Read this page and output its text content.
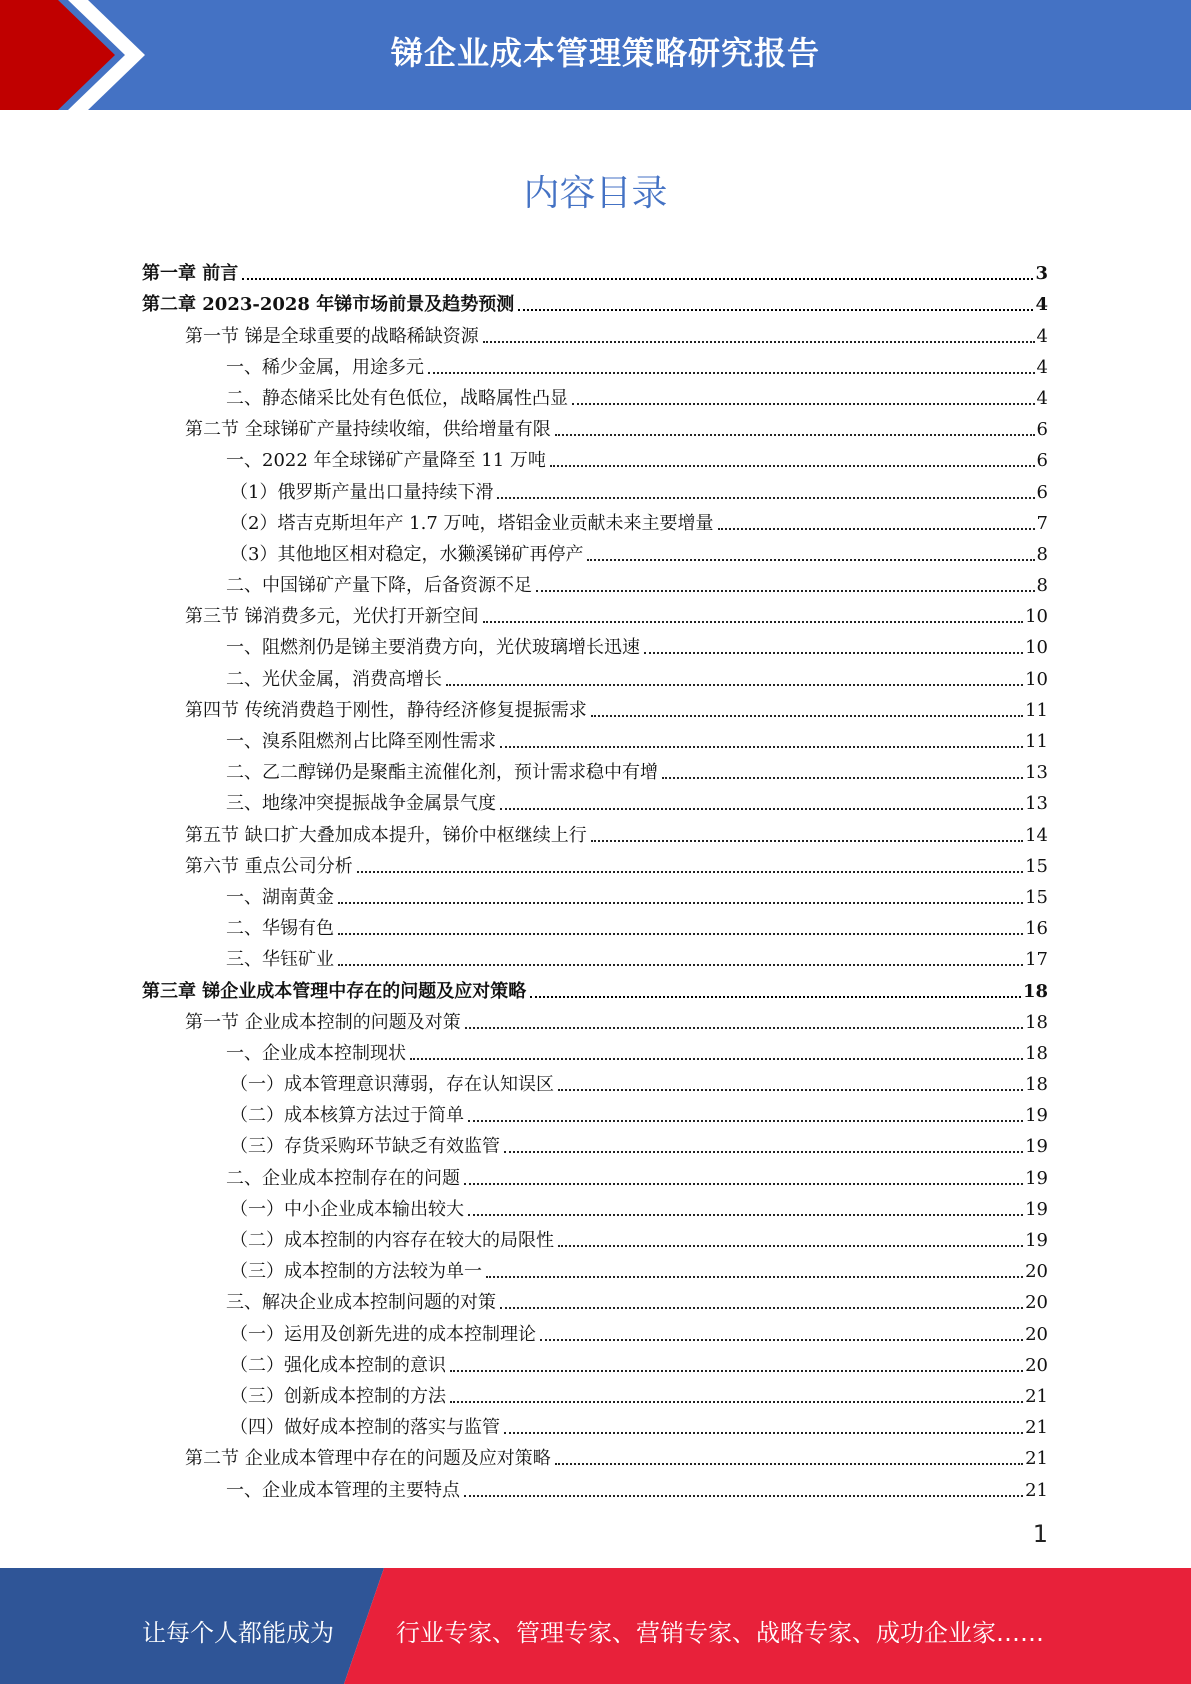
锑企业成本管理策略研究报告
内容目录
第一章 前言	3
第二章 2023-2028 年锑市场前景及趋势预测	4
第一节 锑是全球重要的战略稀缺资源	4
一、稀少金属，用途多元	4
二、静态储采比处有色低位，战略属性凸显	4
第二节 全球锑矿产量持续收缩，供给增量有限	6
一、2022 年全球锑矿产量降至 11 万吨	6
（1）俄罗斯产量出口量持续下滑	6
（2）塔吉克斯坦年产 1.7 万吨，塔铝金业贡献未来主要增量	7
（3）其他地区相对稳定，水獭溪锑矿再停产	8
二、中国锑矿产量下降，后备资源不足	8
第三节 锑消费多元，光伏打开新空间	10
一、阻燃剂仍是锑主要消费方向，光伏玻璃增长迅速	10
二、光伏金属，消费高增长	10
第四节 传统消费趋于刚性，静待经济修复提振需求	11
一、溴系阻燃剂占比降至刚性需求	11
二、乙二醇锑仍是聚酯主流催化剂，预计需求稳中有增	13
三、地缘冲突提振战争金属景气度	13
第五节 缺口扩大叠加成本提升，锑价中枢继续上行	14
第六节 重点公司分析	15
一、湖南黄金	15
二、华锡有色	16
三、华钰矿业	17
第三章 锑企业成本管理中存在的问题及应对策略	18
第一节 企业成本控制的问题及对策	18
一、企业成本控制现状	18
（一）成本管理意识薄弱，存在认知误区	18
（二）成本核算方法过于简单	19
（三）存货采购环节缺乏有效监管	19
二、企业成本控制存在的问题	19
（一）中小企业成本输出较大	19
（二）成本控制的内容存在较大的局限性	19
（三）成本控制的方法较为单一	20
三、解决企业成本控制问题的对策	20
（一）运用及创新先进的成本控制理论	20
（二）强化成本控制的意识	20
（三）创新成本控制的方法	21
（四）做好成本控制的落实与监管	21
第二节 企业成本管理中存在的问题及应对策略	21
一、企业成本管理的主要特点	21
1
让每个人都能成为	行业专家、管理专家、营销专家、战略专家、成功企业家……
